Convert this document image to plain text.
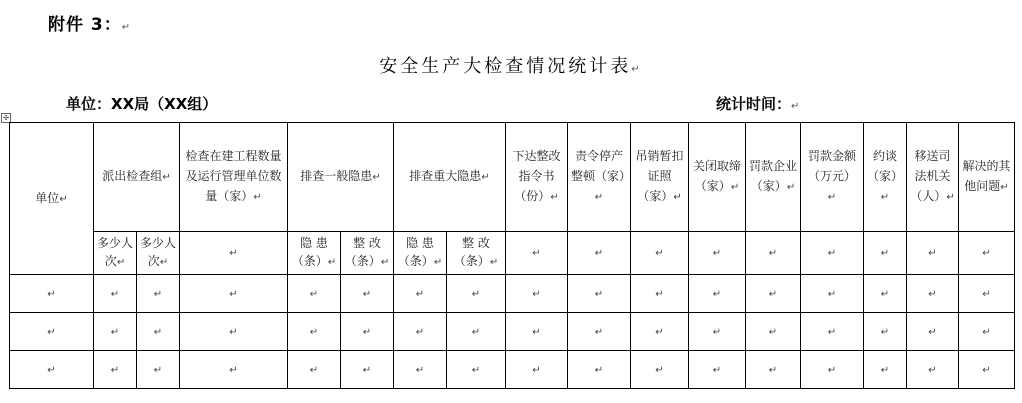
附件 3：↵
安全生产大检查情况统计表↵
单位：XX局（XX组）	统计时间：↵
✣
单位↵	派出检查组↵		检查在建工程数量及运行管理单位数量（家）↵	排查一般隐患↵		排查重大隐患↵		下达整改指令书（份）↵	责令停产整顿（家）↵	吊销暂扣证照（家）↵	关闭取缔（家）↵	罚款企业（家）↵	罚款金额（万元）↵	约谈（家）↵	移送司法机关（人）↵	解决的其他问题↵
	多少人次↵	多少人次↵	↵	隐 患（条）↵	整 改（条）↵	隐 患（条）↵	整 改（条）↵	↵	↵	↵	↵	↵	↵	↵	↵	↵
↵	↵	↵	↵	↵	↵	↵	↵	↵	↵	↵	↵	↵	↵	↵	↵	↵
↵	↵	↵	↵	↵	↵	↵	↵	↵	↵	↵	↵	↵	↵	↵	↵	↵
↵	↵	↵	↵	↵	↵	↵	↵	↵	↵	↵	↵	↵	↵	↵	↵	↵
